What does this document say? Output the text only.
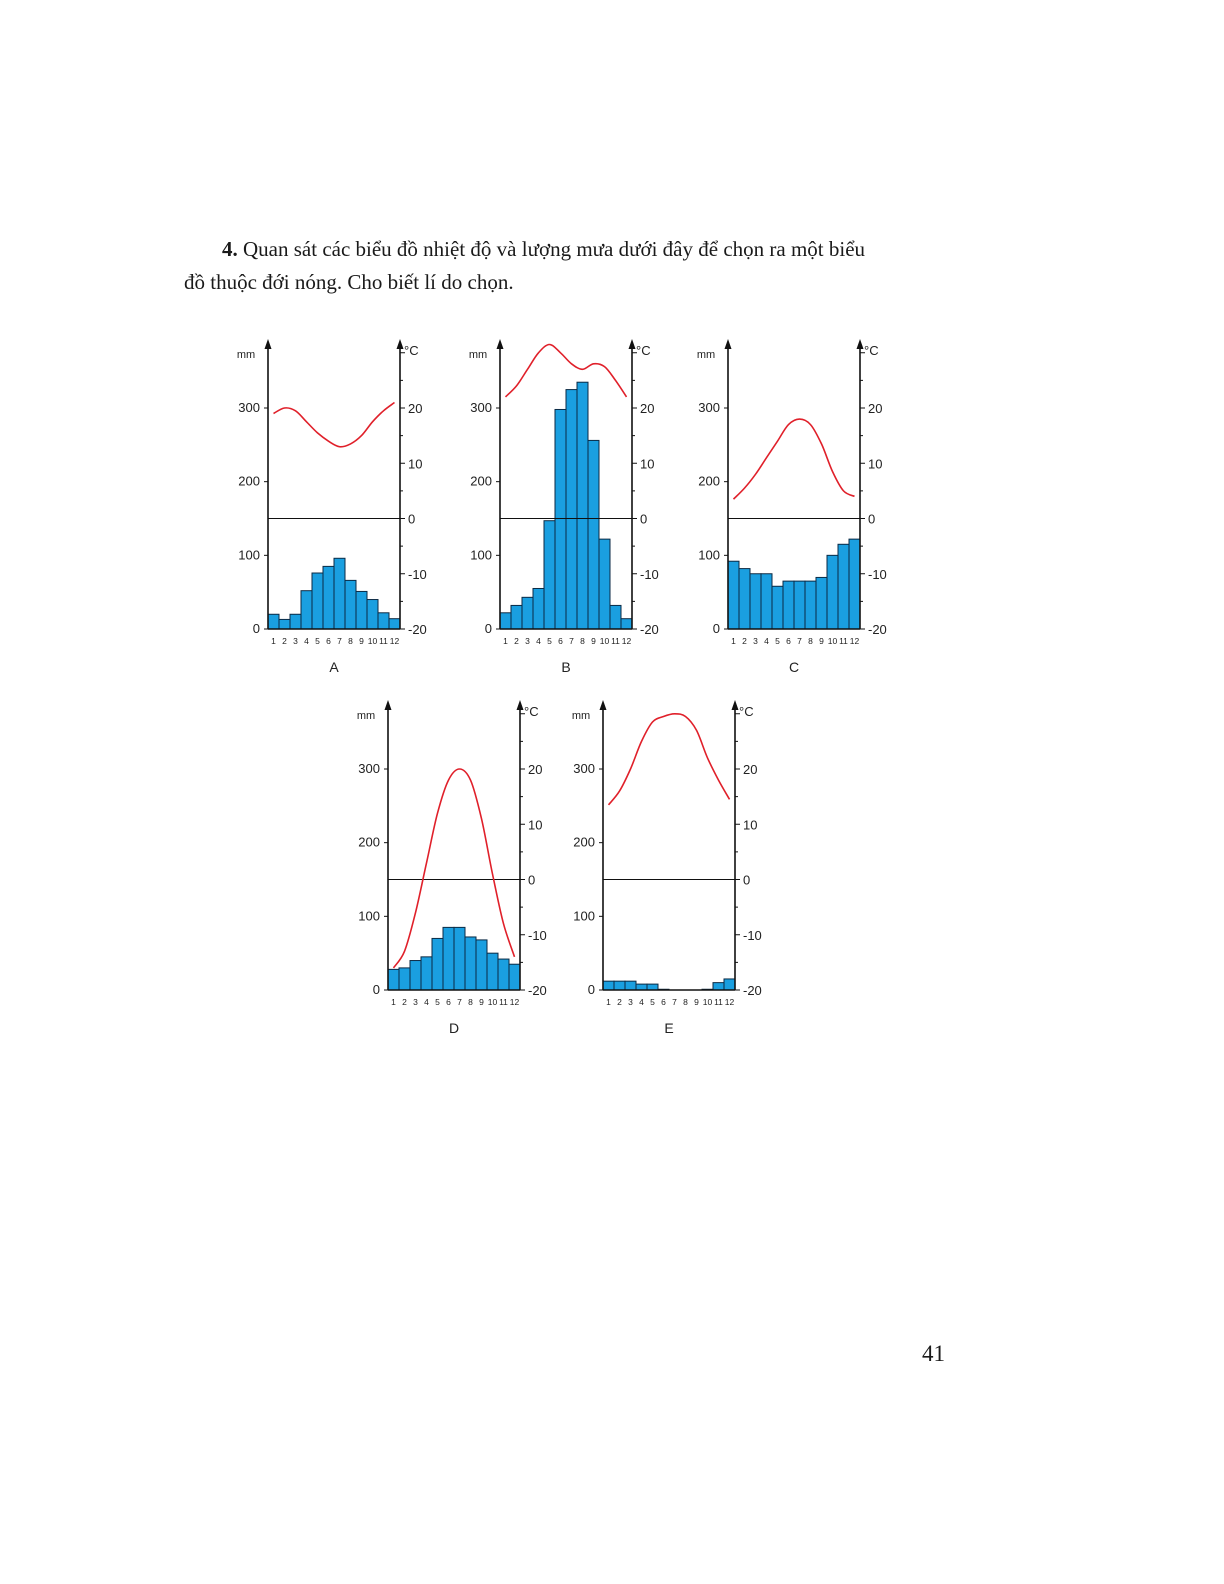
4. Quan sát các biểu đồ nhiệt độ và lượng mưa dưới đây để chọn ra một biểu
đồ thuộc đới nóng. Cho biết lí do chọn.

mm	°C
0
100
200
300
-20
-10
0
10
20
1 2 3 4 5 6 7 8 9 10 11 12
A
mm	°C
0
100
200
300
-20
-10
0
10
20
1 2 3 4 5 6 7 8 9 10 11 12
B
mm	°C
0
100
200
300
-20
-10
0
10
20
1 2 3 4 5 6 7 8 9 10 11 12
C
mm	°C
0
100
200
300
-20
-10
0
10
20
1 2 3 4 5 6 7 8 9 10 11 12
D
mm	°C
0
100
200
300
-20
-10
0
10
20
1 2 3 4 5 6 7 8 9 10 11 12
E

41
